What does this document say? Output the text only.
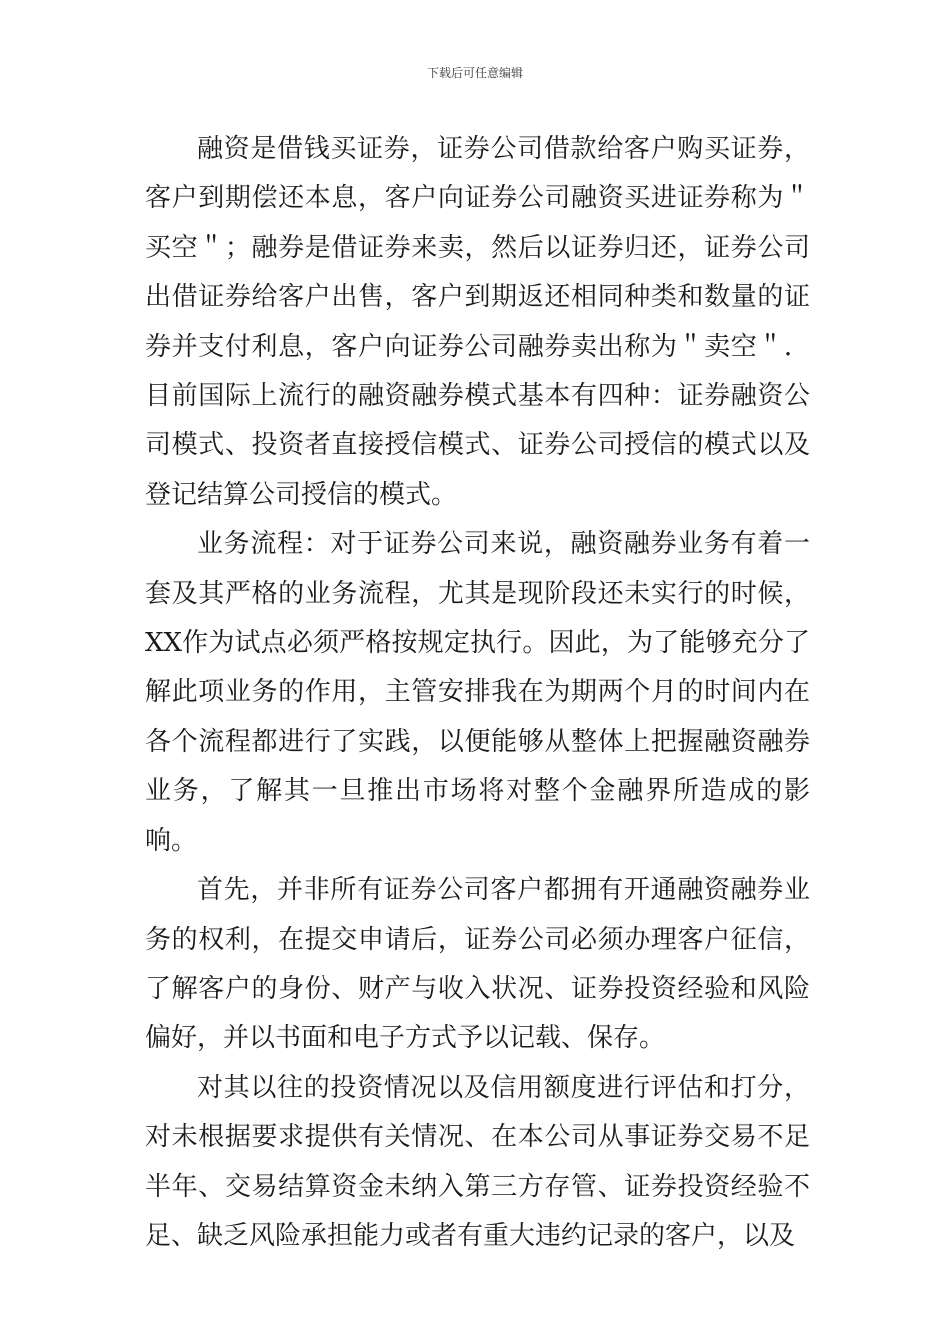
下载后可任意编辑

融资是借钱买证券，证券公司借款给客户购买证券，客户到期偿还本息，客户向证券公司融资买进证券称为＂买空＂；融券是借证券来卖，然后以证券归还，证券公司出借证券给客户出售，客户到期返还相同种类和数量的证券并支付利息，客户向证券公司融券卖出称为＂卖空＂．目前国际上流行的融资融券模式基本有四种：证券融资公司模式、投资者直接授信模式、证券公司授信的模式以及登记结算公司授信的模式。

业务流程：对于证券公司来说，融资融券业务有着一套及其严格的业务流程，尤其是现阶段还未实行的时候，XX作为试点必须严格按规定执行。因此，为了能够充分了解此项业务的作用，主管安排我在为期两个月的时间内在各个流程都进行了实践，以便能够从整体上把握融资融券业务，了解其一旦推出市场将对整个金融界所造成的影响。

首先，并非所有证券公司客户都拥有开通融资融券业务的权利，在提交申请后，证券公司必须办理客户征信，了解客户的身份、财产与收入状况、证券投资经验和风险偏好，并以书面和电子方式予以记载、保存。

对其以往的投资情况以及信用额度进行评估和打分，对未根据要求提供有关情况、在本公司从事证券交易不足半年、交易结算资金未纳入第三方存管、证券投资经验不足、缺乏风险承担能力或者有重大违约记录的客户，以及
